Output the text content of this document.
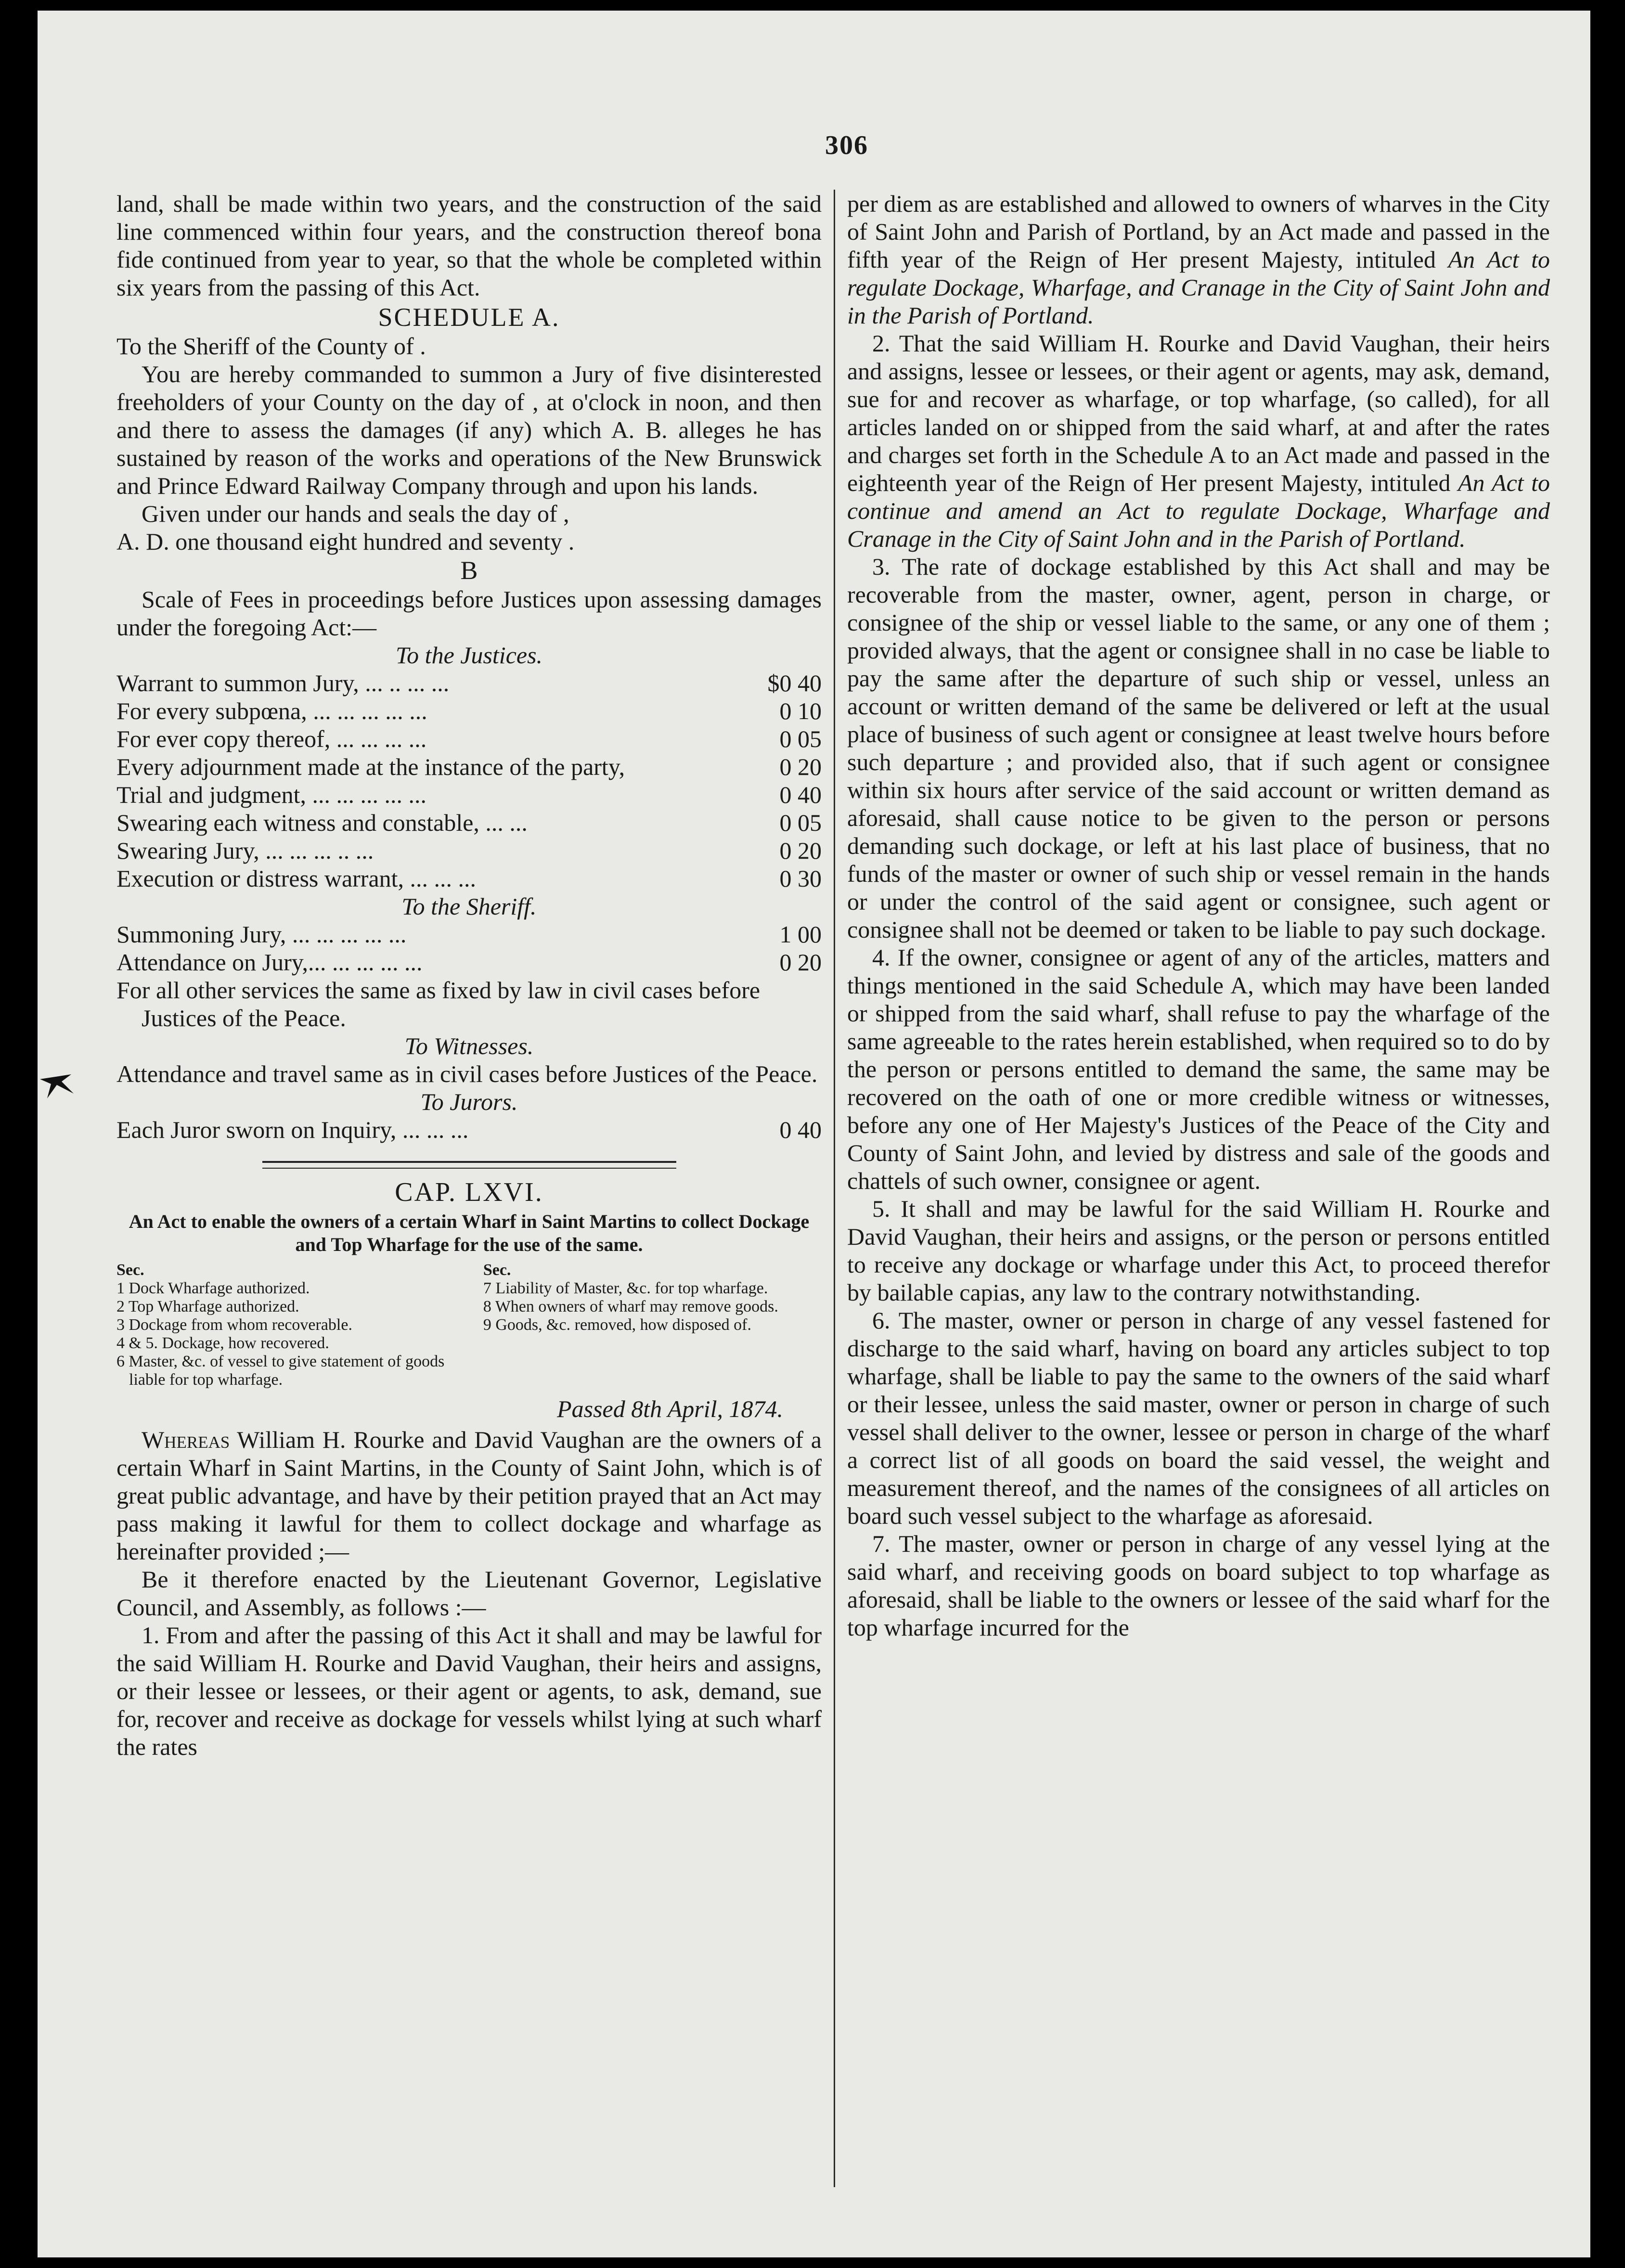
306

land, shall be made within two years, and the construction of the said line commenced within four years, and the construction thereof bona fide continued from year to year, so that the whole be completed within six years from the passing of this Act.

SCHEDULE A.

To the Sheriff of the County of .

You are hereby commanded to summon a Jury of five disinterested freeholders of your County on the day of , at o'clock in noon, and then and there to assess the damages (if any) which A. B. alleges he has sustained by reason of the works and operations of the New Brunswick and Prince Edward Railway Company through and upon his lands.

Given under our hands and seals the day of ,

A. D. one thousand eight hundred and seventy .

B

Scale of Fees in proceedings before Justices upon assessing damages under the foregoing Act:—

To the Justices.

Warrant to summon Jury, ... .. ... ...	$0 40
For every subpœna, ... ... ... ... ...	0 10
For ever copy thereof, ... ... ... ...	0 05
Every adjournment made at the instance of the party,	0 20
Trial and judgment, ... ... ... ... ...	0 40
Swearing each witness and constable, ... ...	0 05
Swearing Jury, ... ... ... .. ...	0 20
Execution or distress warrant, ... ... ...	0 30

To the Sheriff.

Summoning Jury, ... ... ... ... ...	1 00
Attendance on Jury,... ... ... ... ...	0 20

For all other services the same as fixed by law in civil cases before Justices of the Peace.

To Witnesses.

Attendance and travel same as in civil cases before Justices of the Peace.

To Jurors.

Each Juror sworn on Inquiry, ... ... ...	0 40
CAP. LXVI.
An Act to enable the owners of a certain Wharf in Saint Martins to collect Dockage and Top Wharfage for the use of the same.
Sec.
1 Dock Wharfage authorized.
2 Top Wharfage authorized.
3 Dockage from whom recoverable.
4 & 5. Dockage, how recovered.
6 Master, &c. of vessel to give statement of goods liable for top wharfage.
Sec.
7 Liability of Master, &c. for top wharfage.
8 When owners of wharf may remove goods.
9 Goods, &c. removed, how disposed of.

Passed 8th April, 1874.

Whereas William H. Rourke and David Vaughan are the owners of a certain Wharf in Saint Martins, in the County of Saint John, which is of great public advantage, and have by their petition prayed that an Act may pass making it lawful for them to collect dockage and wharfage as hereinafter provided ;—

Be it therefore enacted by the Lieutenant Governor, Legislative Council, and Assembly, as follows :—

1. From and after the passing of this Act it shall and may be lawful for the said William H. Rourke and David Vaughan, their heirs and assigns, or their lessee or lessees, or their agent or agents, to ask, demand, sue for, recover and receive as dockage for vessels whilst lying at such wharf the rates

per diem as are established and allowed to owners of wharves in the City of Saint John and Parish of Portland, by an Act made and passed in the fifth year of the Reign of Her present Majesty, intituled An Act to regulate Dockage, Wharfage, and Cranage in the City of Saint John and in the Parish of Portland.

2. That the said William H. Rourke and David Vaughan, their heirs and assigns, lessee or lessees, or their agent or agents, may ask, demand, sue for and recover as wharfage, or top wharfage, (so called), for all articles landed on or shipped from the said wharf, at and after the rates and charges set forth in the Schedule A to an Act made and passed in the eighteenth year of the Reign of Her present Majesty, intituled An Act to continue and amend an Act to regulate Dockage, Wharfage and Cranage in the City of Saint John and in the Parish of Portland.

3. The rate of dockage established by this Act shall and may be recoverable from the master, owner, agent, person in charge, or consignee of the ship or vessel liable to the same, or any one of them ; provided always, that the agent or consignee shall in no case be liable to pay the same after the departure of such ship or vessel, unless an account or written demand of the same be delivered or left at the usual place of business of such agent or consignee at least twelve hours before such departure ; and provided also, that if such agent or consignee within six hours after service of the said account or written demand as aforesaid, shall cause notice to be given to the person or persons demanding such dockage, or left at his last place of business, that no funds of the master or owner of such ship or vessel remain in the hands or under the control of the said agent or consignee, such agent or consignee shall not be deemed or taken to be liable to pay such dockage.

4. If the owner, consignee or agent of any of the articles, matters and things mentioned in the said Schedule A, which may have been landed or shipped from the said wharf, shall refuse to pay the wharfage of the same agreeable to the rates herein established, when required so to do by the person or persons entitled to demand the same, the same may be recovered on the oath of one or more credible witness or witnesses, before any one of Her Majesty's Justices of the Peace of the City and County of Saint John, and levied by distress and sale of the goods and chattels of such owner, consignee or agent.

5. It shall and may be lawful for the said William H. Rourke and David Vaughan, their heirs and assigns, or the person or persons entitled to receive any dockage or wharfage under this Act, to proceed therefor by bailable capias, any law to the contrary notwithstanding.

6. The master, owner or person in charge of any vessel fastened for discharge to the said wharf, having on board any articles subject to top wharfage, shall be liable to pay the same to the owners of the said wharf or their lessee, unless the said master, owner or person in charge of such vessel shall deliver to the owner, lessee or person in charge of the wharf a correct list of all goods on board the said vessel, the weight and measurement thereof, and the names of the consignees of all articles on board such vessel subject to the wharfage as aforesaid.

7. The master, owner or person in charge of any vessel lying at the said wharf, and receiving goods on board subject to top wharfage as aforesaid, shall be liable to the owners or lessee of the said wharf for the top wharfage incurred for the
